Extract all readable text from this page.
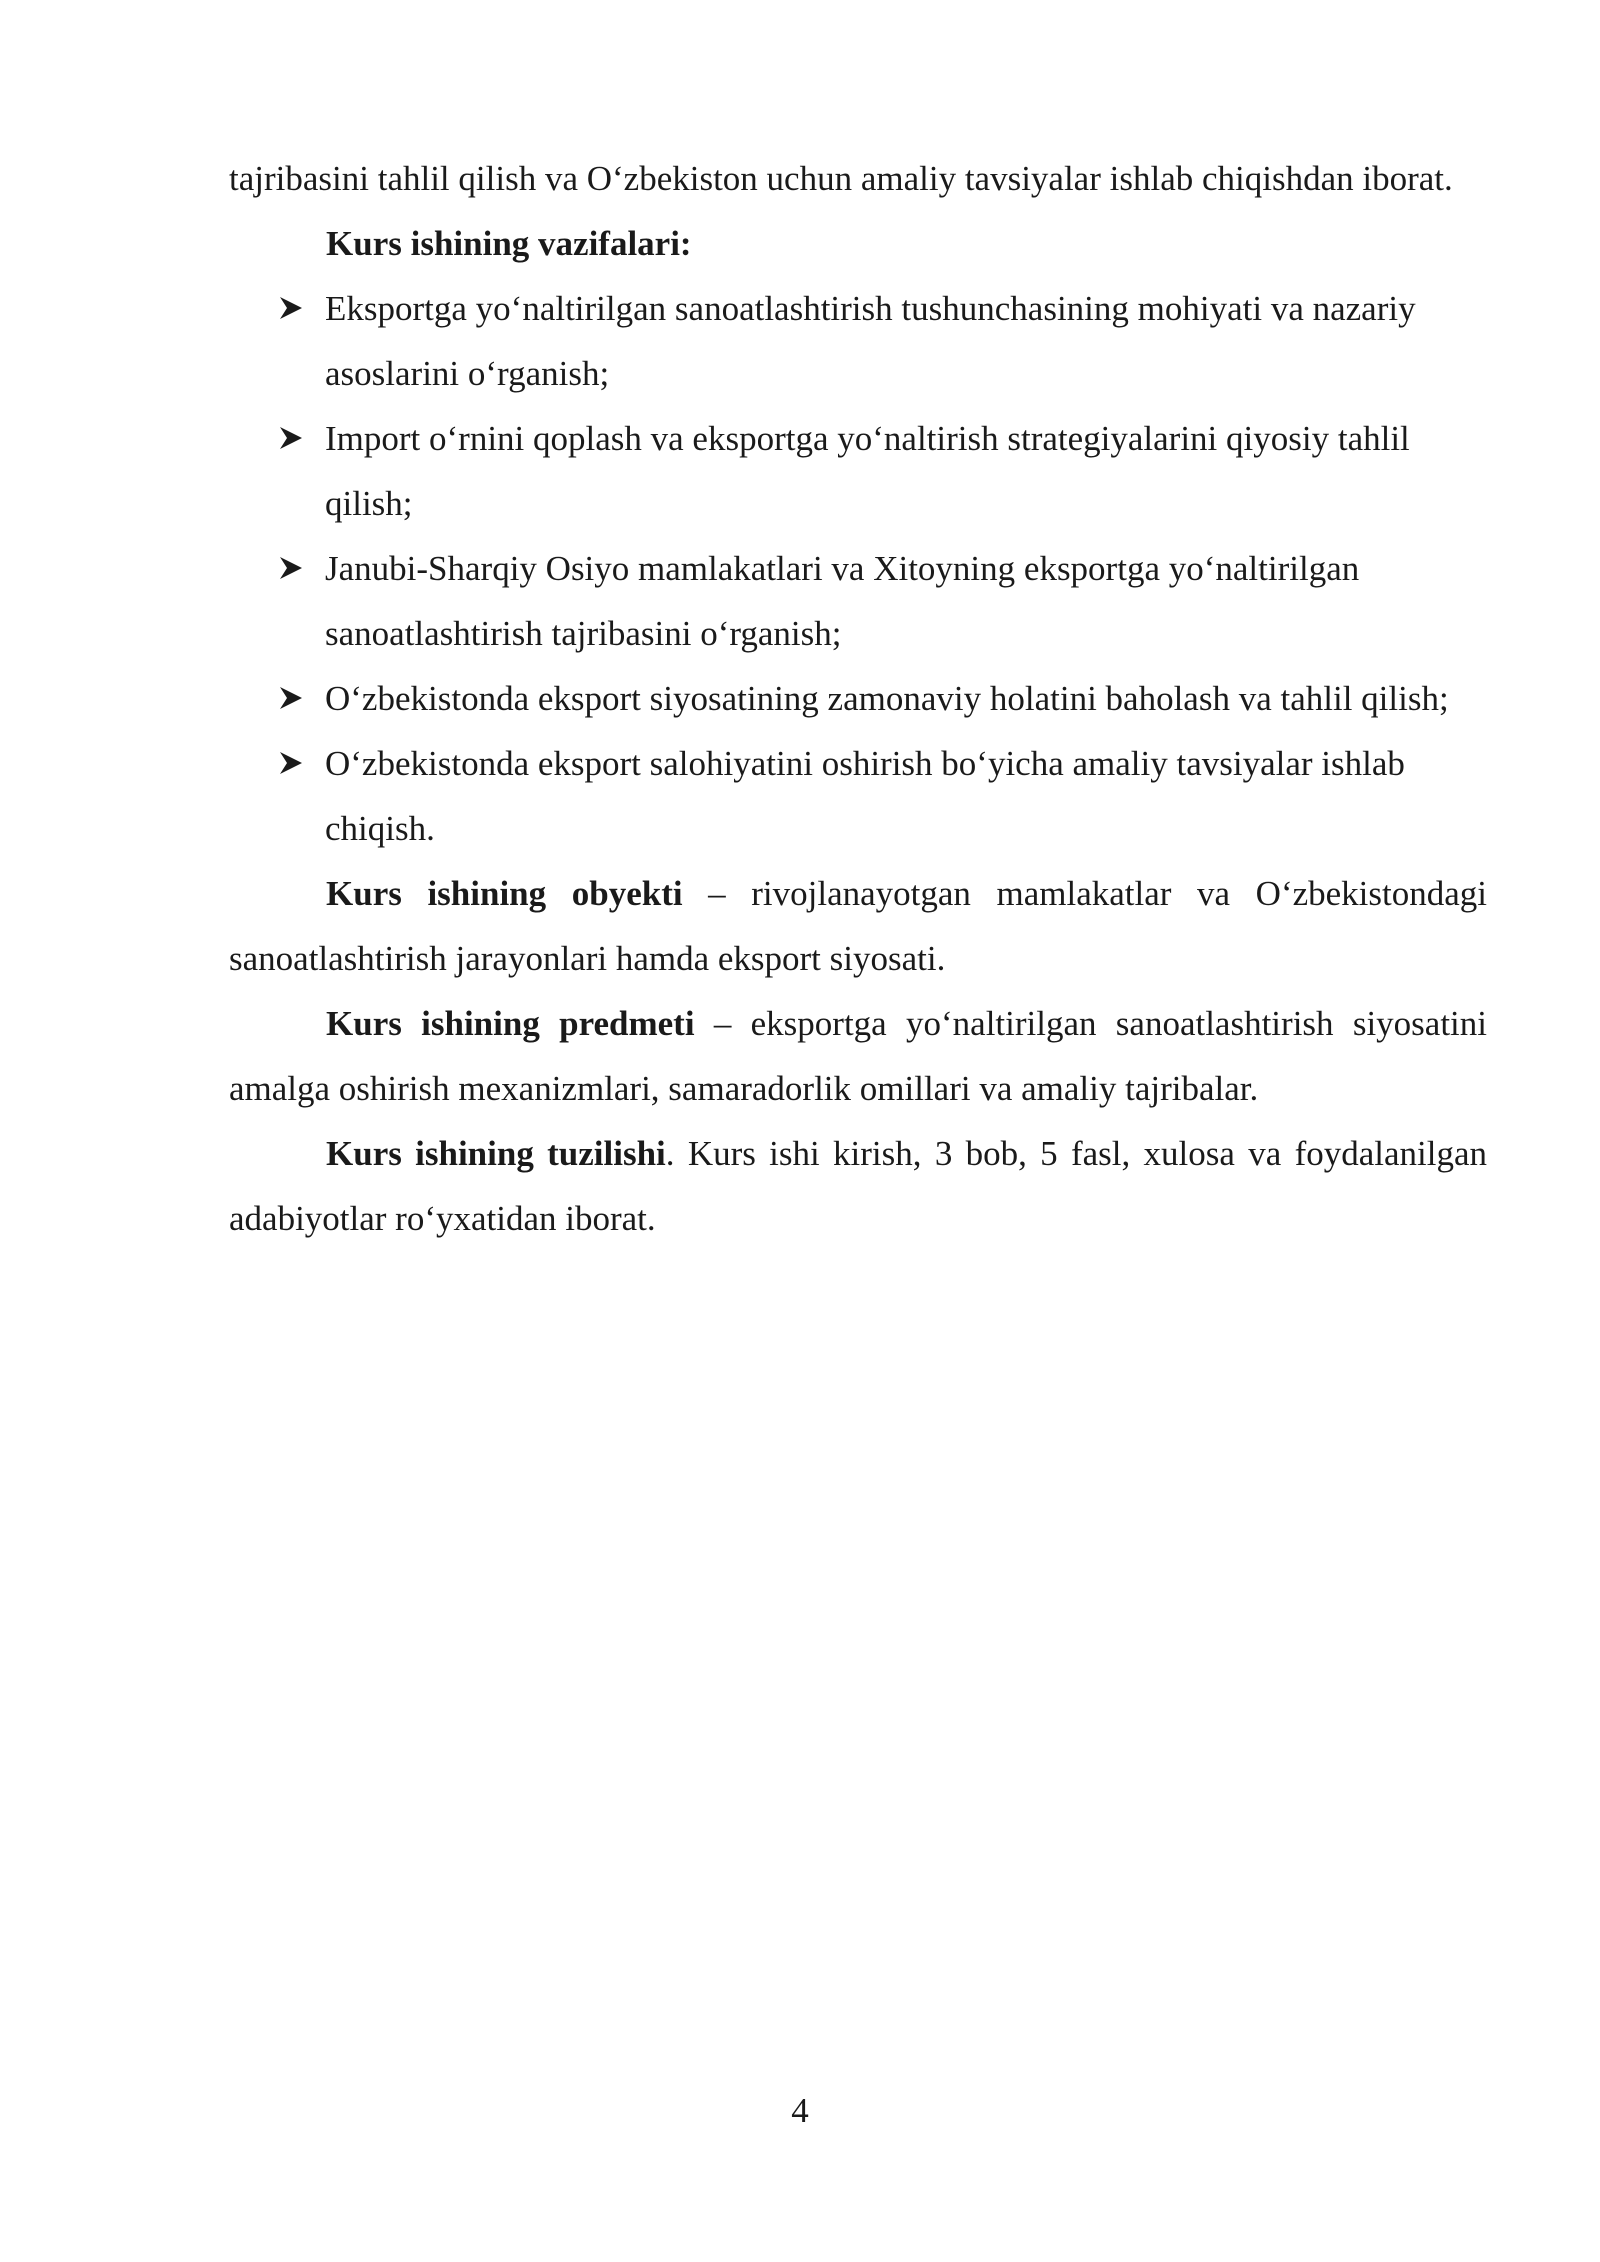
tajribasini tahlil qilish va O‘zbekiston uchun amaliy tavsiyalar ishlab chiqishdan iborat.

Kurs ishining vazifalari:

Eksportga yo‘naltirilgan sanoatlashtirish tushunchasining mohiyati va nazariy asoslarini o‘rganish;
Import o‘rnini qoplash va eksportga yo‘naltirish strategiyalarini qiyosiy tahlil qilish;
Janubi-Sharqiy Osiyo mamlakatlari va Xitoyning eksportga yo‘naltirilgan sanoatlashtirish tajribasini o‘rganish;
O‘zbekistonda eksport siyosatining zamonaviy holatini baholash va tahlil qilish;
O‘zbekistonda eksport salohiyatini oshirish bo‘yicha amaliy tavsiyalar ishlab chiqish.

Kurs ishining obyekti – rivojlanayotgan mamlakatlar va O‘zbekistondagi sanoatlashtirish jarayonlari hamda eksport siyosati.

Kurs ishining predmeti – eksportga yo‘naltirilgan sanoatlashtirish siyosatini amalga oshirish mexanizmlari, samaradorlik omillari va amaliy tajribalar.

Kurs ishining tuzilishi. Kurs ishi kirish, 3 bob, 5 fasl, xulosa va foydalanilgan adabiyotlar ro‘yxatidan iborat.

4
